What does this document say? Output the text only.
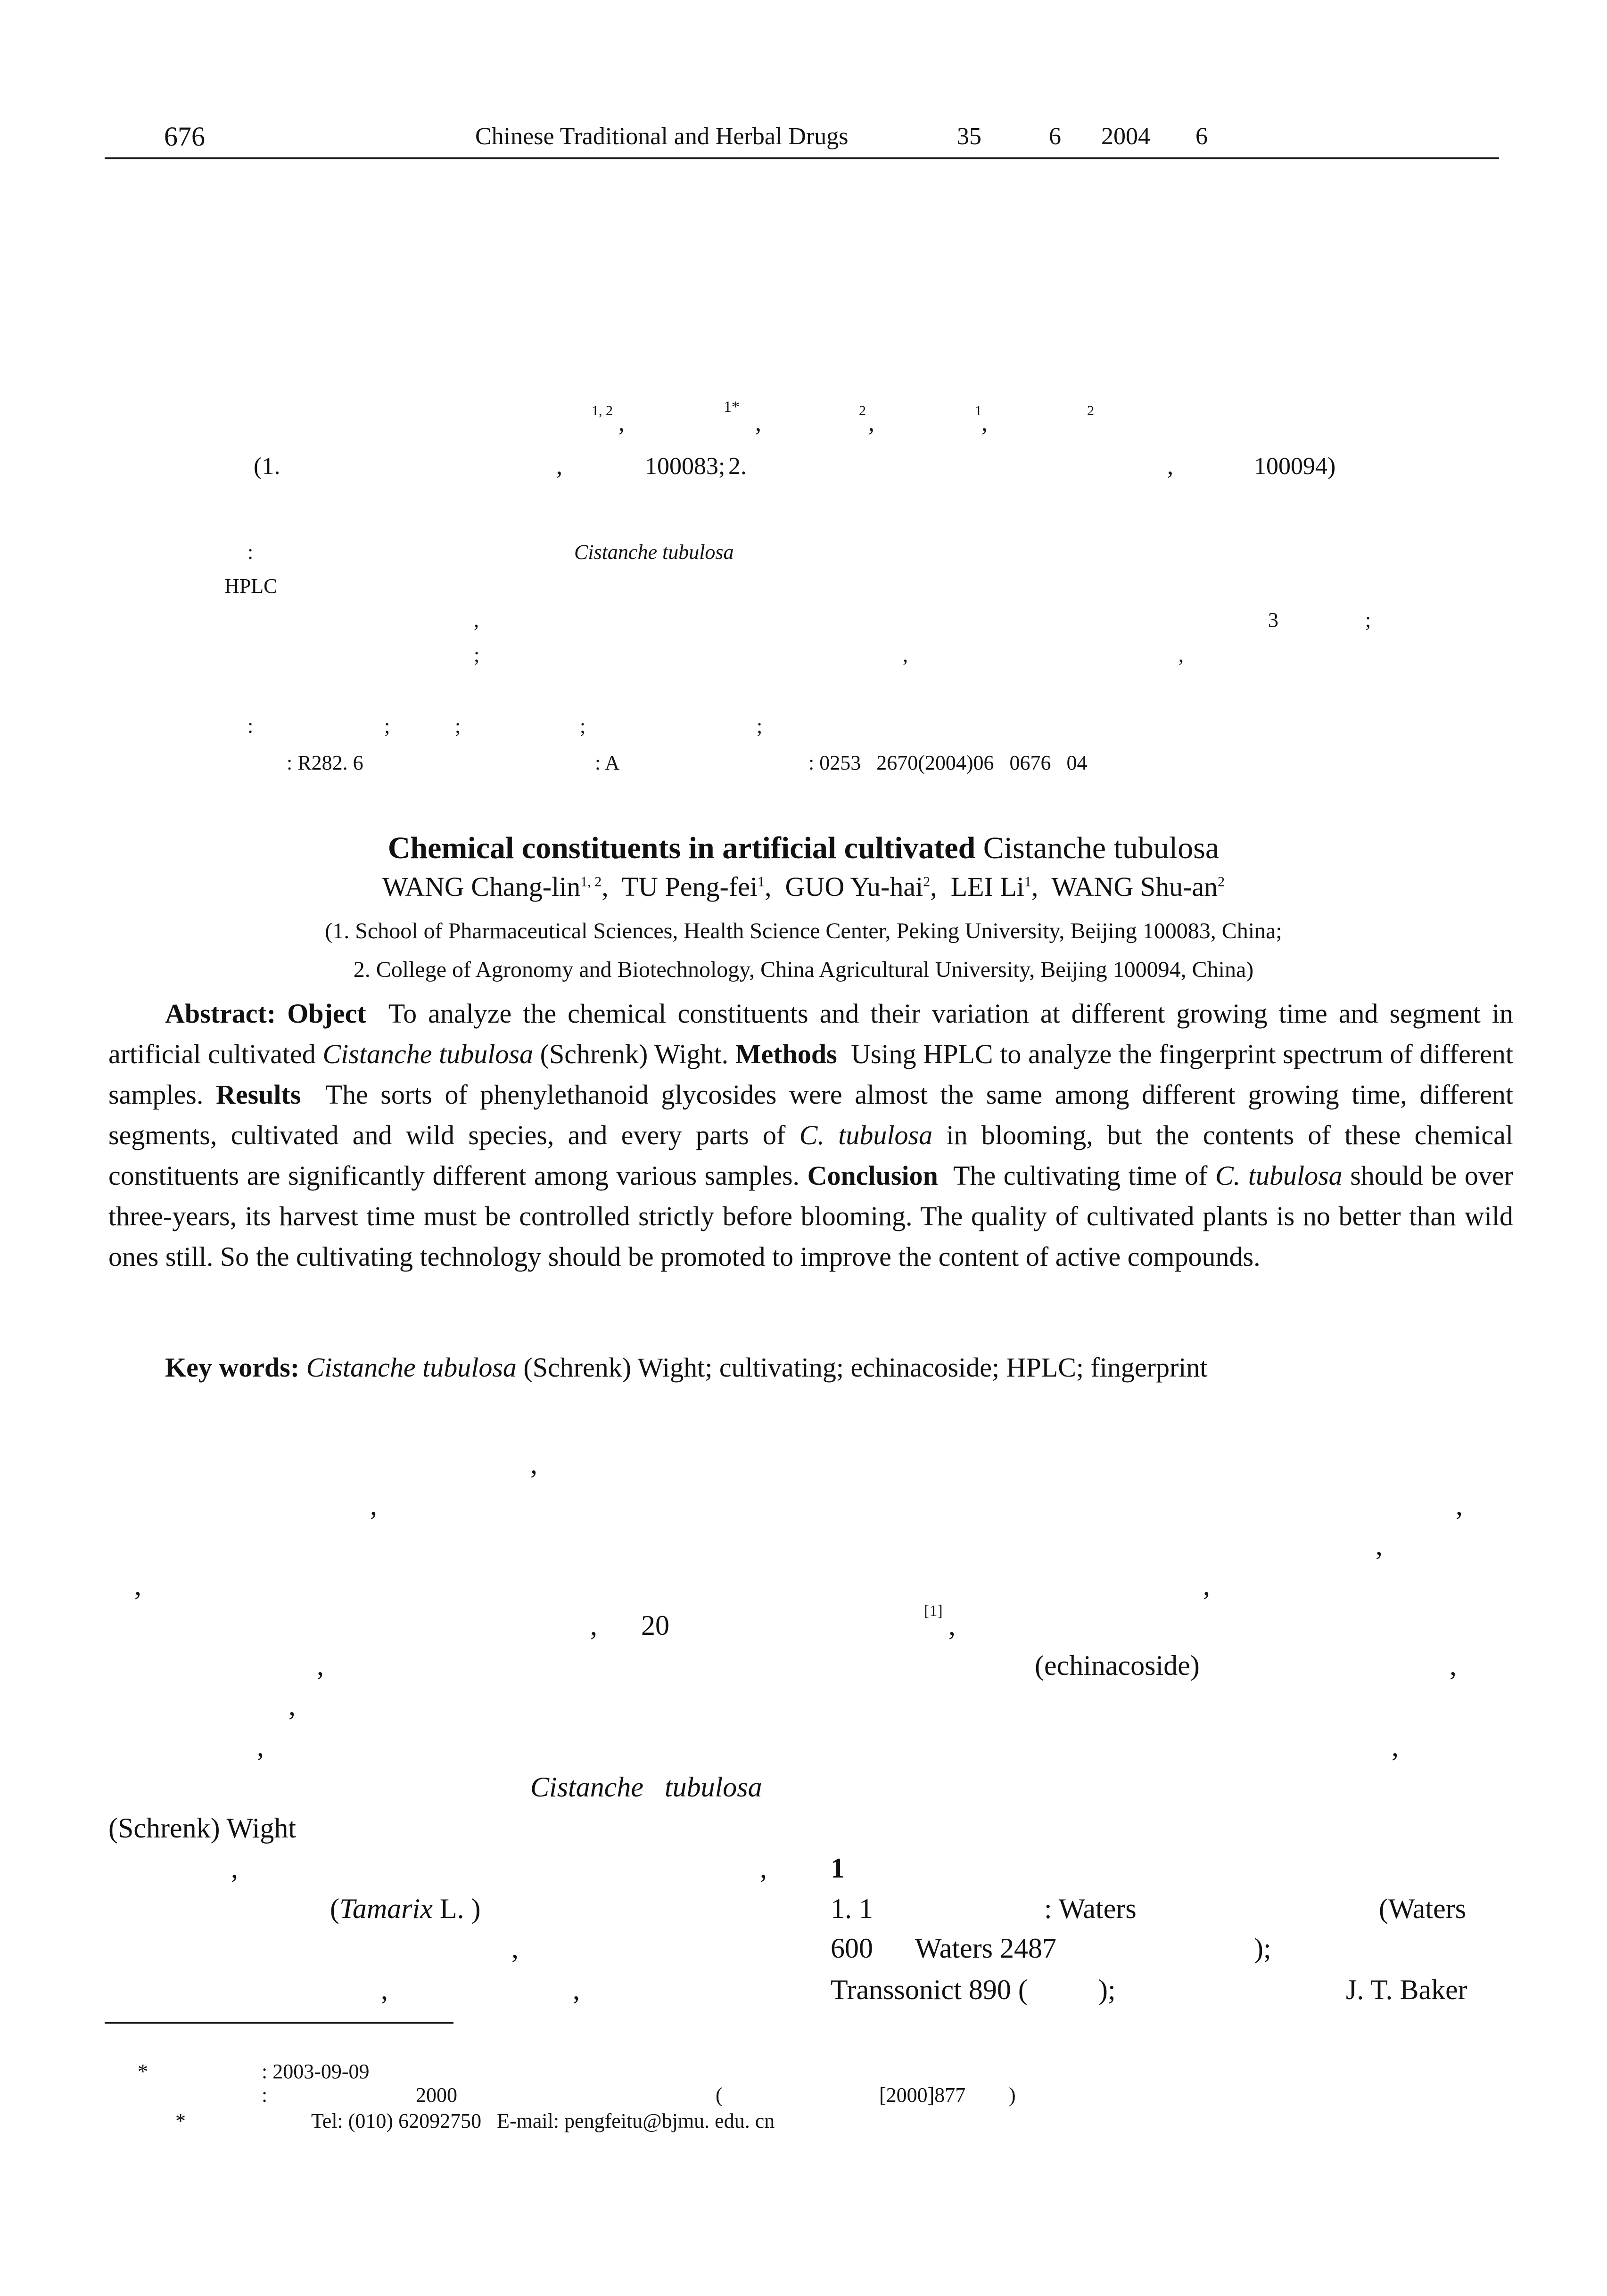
676	Chinese Traditional and Herbal Drugs	35	6 2004 6
1, 2 ,
1*
,	2 ,	1 ,	2
(1.	,	100083; 2.	,	100094)
:	Cistanche tubulosa
HPLC
,	3	;
;	,	,
:	;	;	;	;
: R282. 6	: A	: 0253   2670(2004)06   0676   04
Chemical constituents in artificial cultivated Cistanche tubulosa
WANG Chang-lin$^{1, 2}$,  TU Peng-fei$^1$,  GUO Yu-hai$^2$,  LEI Li$^1$,  WANG Shu-$an^2$
(1. School of Pharmaceutical Sciences, Health Science Center, Peking University, Beijing 100083, China;
2. College of Agronomy and Biotechnology, China Agricultural University, Beijing 100094, China)
Abstract: Object To analyze the chemical constituents and their variation at different growing time and segment in artificial cultivated Cistanche tubulosa (Schrenk) Wight. Methods Using HPLC to analyze the fingerprint spectrum of different samples. Results The sorts of phenylethanoid glycosides were almost the same among different growing time, different segments, cultivated and wild species, and every parts of C. tubulosa in blooming, but the contents of these chemical constituents are significantly different among various samples. Conclusion The cultivating time of C. tubulosa should be over three-years, its harvest time must be controlled strictly before blooming. The quality of cultivated plants is no better than wild ones still. So the cultivating technology should be promoted to improve the content of active compounds.
Key words: Cistanche tubulosa (Schrenk) Wight; cultivating; echinacoside; HPLC; fingerprint
,
,	,
,
,	,
, 20	[1] ,
,	(echinacoside)	,
,
,	,
Cistanche   tubulosa
(Schrenk) Wight
,	,
(Tamarix L. )
,
,	,
1
1. 1	: Waters	(Waters
600      Waters 2487	);
Transsonict 890 (	);	J. T. Baker
*	: 2003-09-09
:	2000	(	[2000]877 )
*	Tel: (010) 62092750   E-mail: pengfeitu@bjmu. edu. cn
